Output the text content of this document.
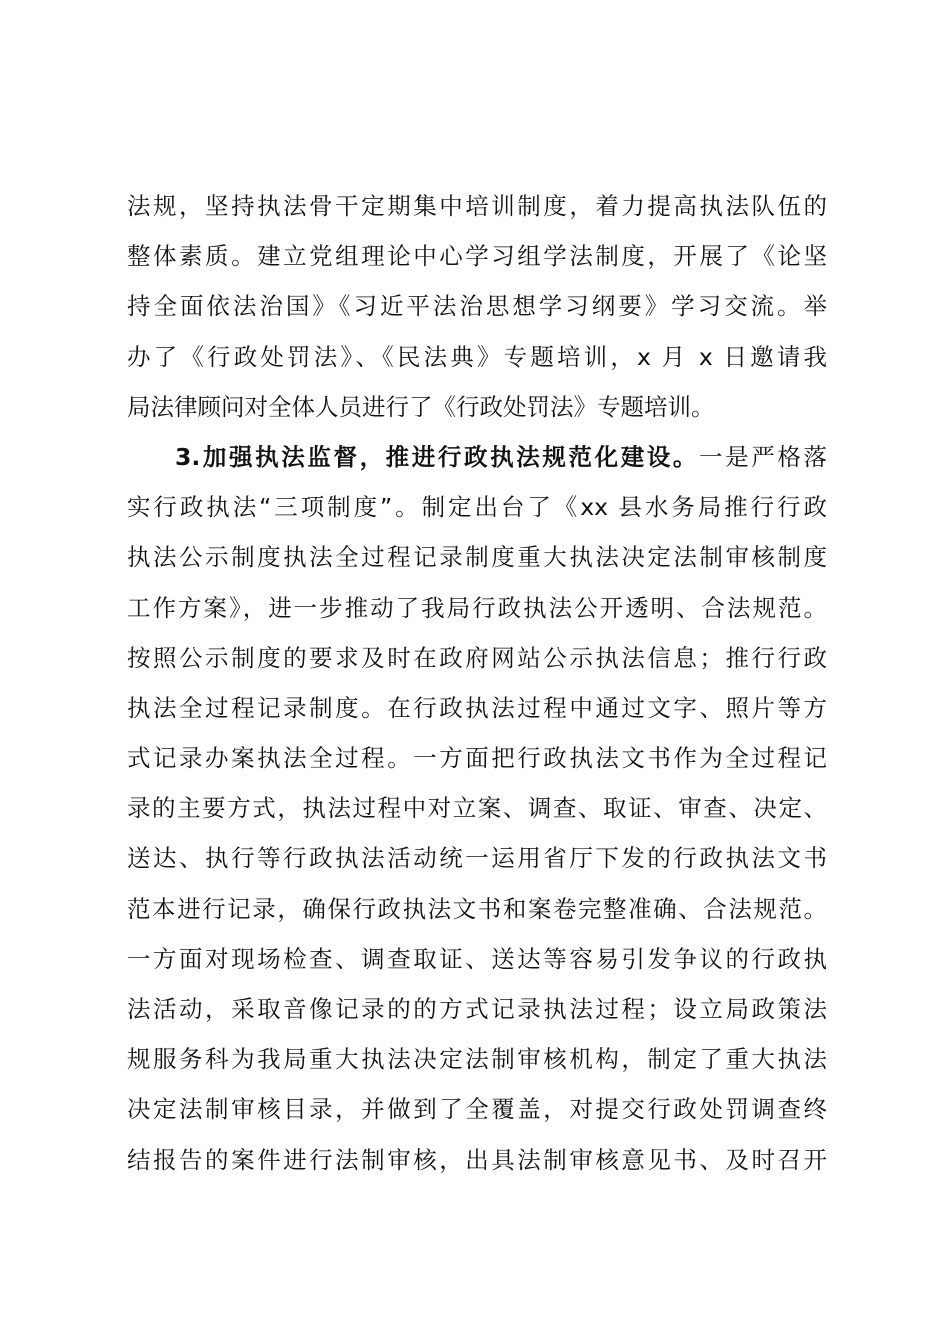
法规，坚持执法骨干定期集中培训制度，着力提高执法队伍的
整体素质。建立党组理论中心学习组学法制度，开展了《论坚
持全面依法治国》《习近平法治思想学习纲要》学习交流。举
办了《行政处罚法》、《民法典》专题培训，x 月 x 日邀请我
局法律顾问对全体人员进行了《行政处罚法》专题培训。
3.加强执法监督，推进行政执法规范化建设。一是严格落
实行政执法“三项制度”。制定出台了《xx 县水务局推行行政
执法公示制度执法全过程记录制度重大执法决定法制审核制度
工作方案》，进一步推动了我局行政执法公开透明、合法规范。
按照公示制度的要求及时在政府网站公示执法信息；推行行政
执法全过程记录制度。在行政执法过程中通过文字、照片等方
式记录办案执法全过程。一方面把行政执法文书作为全过程记
录的主要方式，执法过程中对立案、调查、取证、审查、决定、
送达、执行等行政执法活动统一运用省厅下发的行政执法文书
范本进行记录，确保行政执法文书和案卷完整准确、合法规范。
一方面对现场检查、调查取证、送达等容易引发争议的行政执
法活动，采取音像记录的的方式记录执法过程；设立局政策法
规服务科为我局重大执法决定法制审核机构，制定了重大执法
决定法制审核目录，并做到了全覆盖，对提交行政处罚调查终
结报告的案件进行法制审核，出具法制审核意见书、及时召开
